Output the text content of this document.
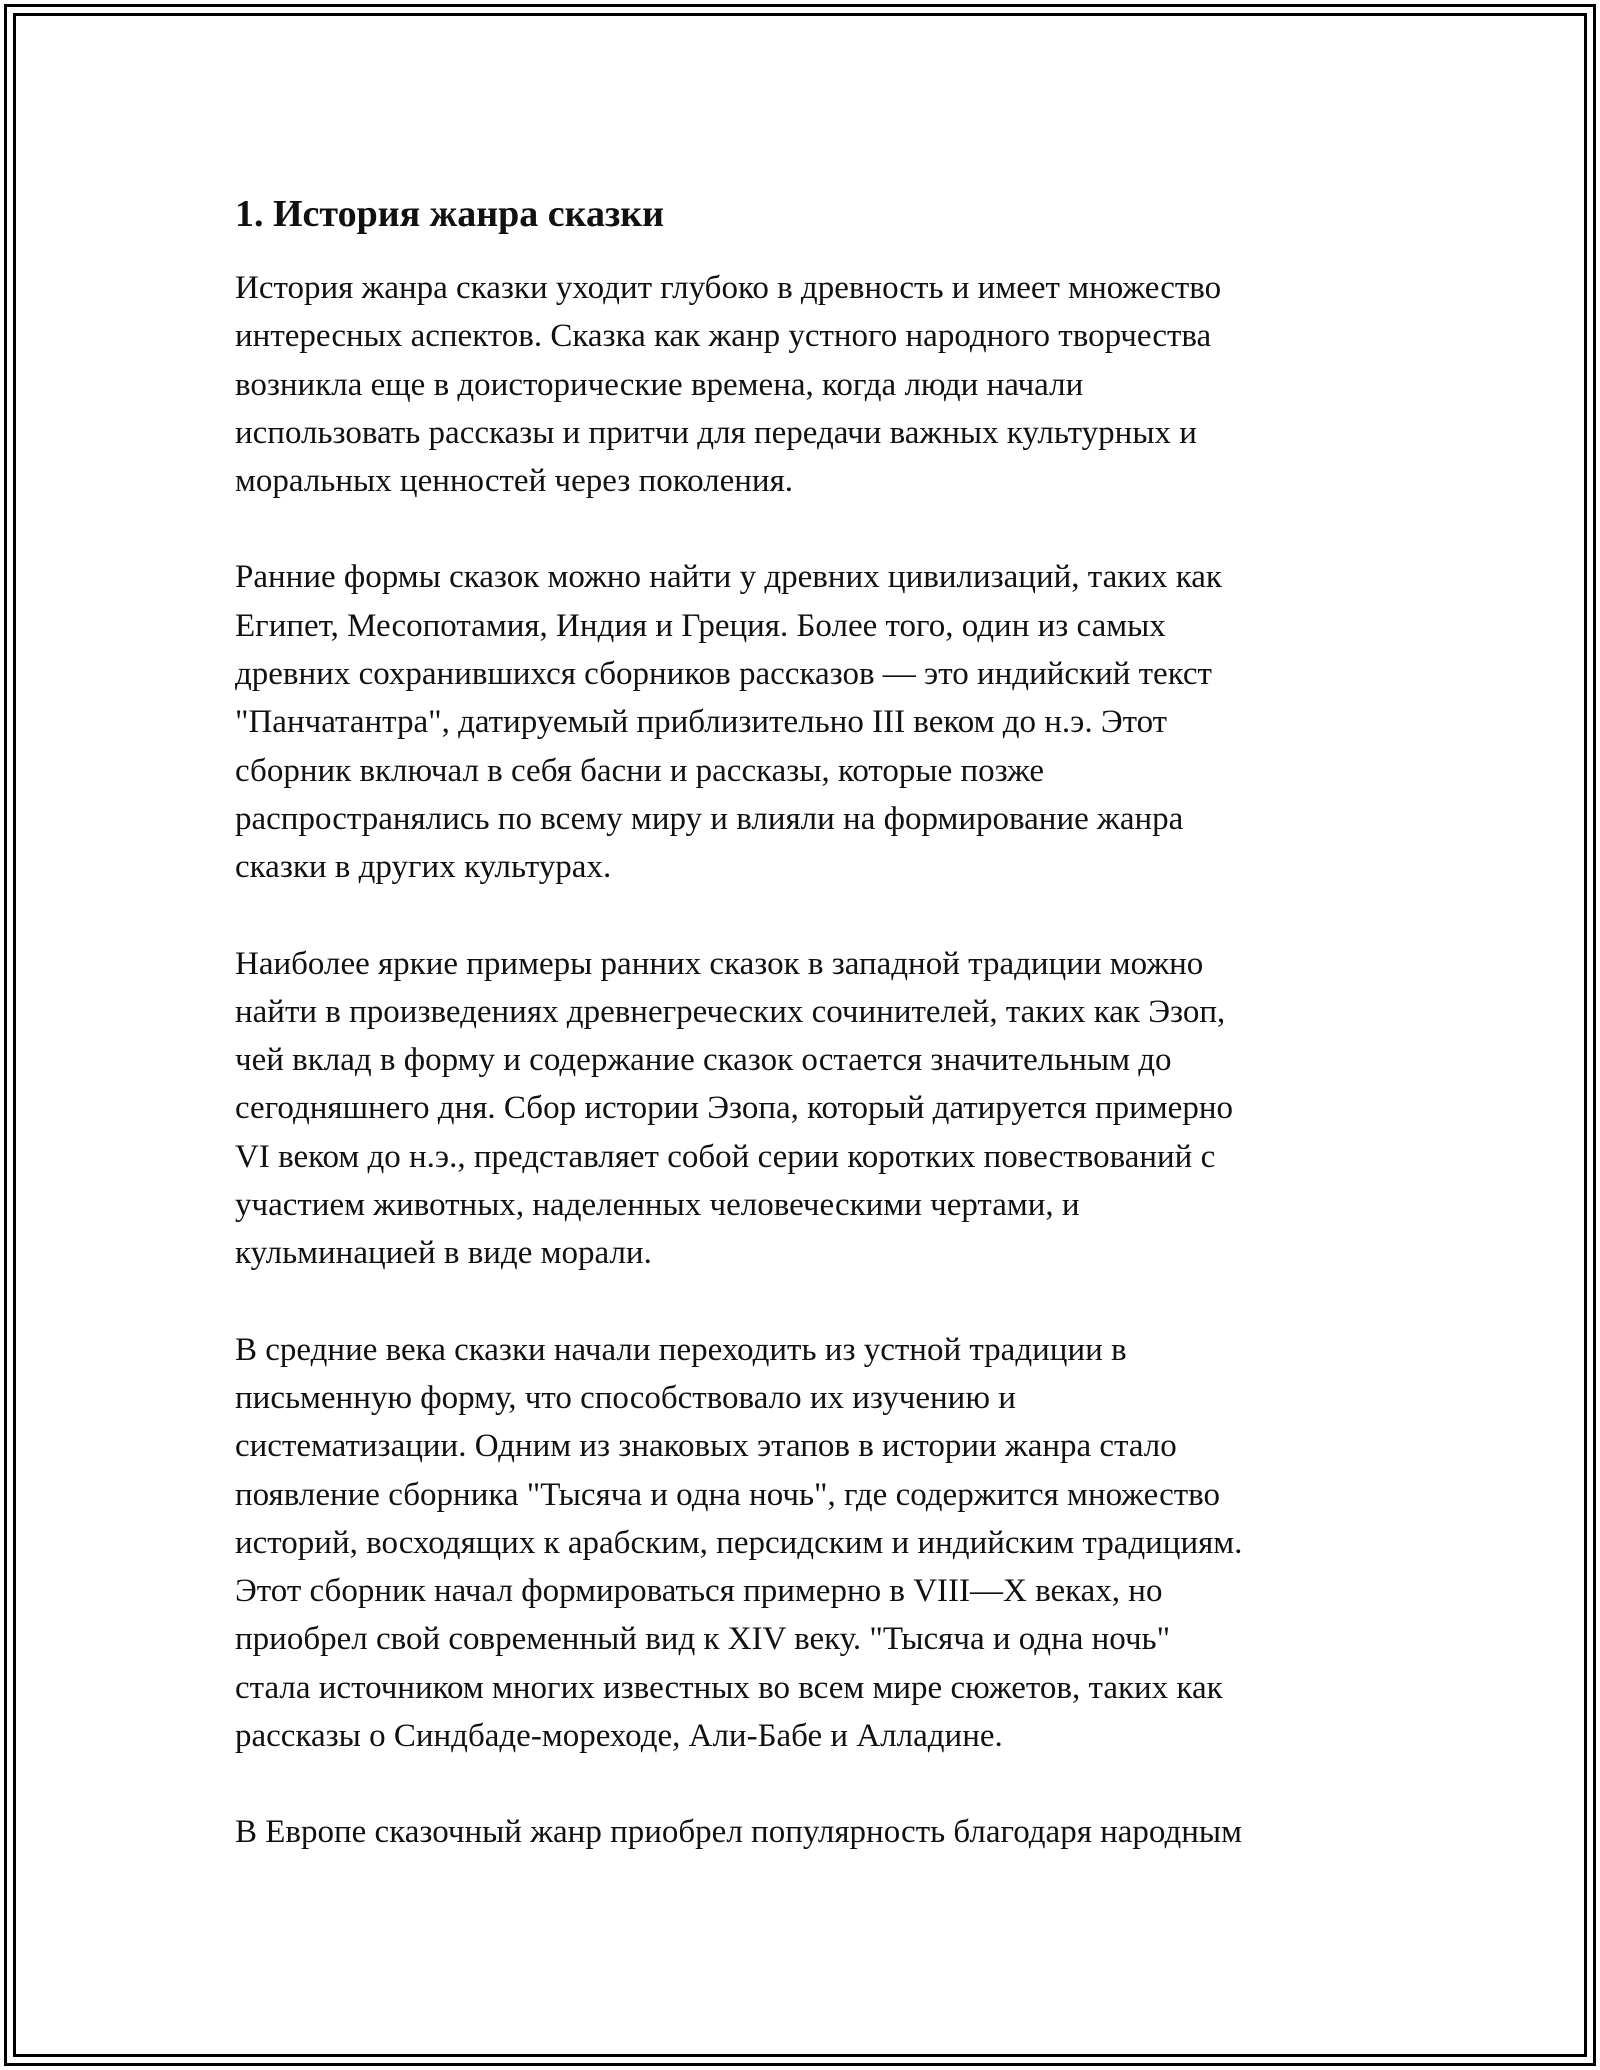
1. История жанра сказки

История жанра сказки уходит глубоко в древность и имеет множество
интересных аспектов. Сказка как жанр устного народного творчества
возникла еще в доисторические времена, когда люди начали
использовать рассказы и притчи для передачи важных культурных и
моральных ценностей через поколения.

Ранние формы сказок можно найти у древних цивилизаций, таких как
Египет, Месопотамия, Индия и Греция. Более того, один из самых
древних сохранившихся сборников рассказов — это индийский текст
"Панчатантра", датируемый приблизительно III веком до н.э. Этот
сборник включал в себя басни и рассказы, которые позже
распространялись по всему миру и влияли на формирование жанра
сказки в других культурах.

Наиболее яркие примеры ранних сказок в западной традиции можно
найти в произведениях древнегреческих сочинителей, таких как Эзоп,
чей вклад в форму и содержание сказок остается значительным до
сегодняшнего дня. Сбор истории Эзопа, который датируется примерно
VI веком до н.э., представляет собой серии коротких повествований с
участием животных, наделенных человеческими чертами, и
кульминацией в виде морали.

В средние века сказки начали переходить из устной традиции в
письменную форму, что способствовало их изучению и
систематизации. Одним из знаковых этапов в истории жанра стало
появление сборника "Тысяча и одна ночь", где содержится множество
историй, восходящих к арабским, персидским и индийским традициям.
Этот сборник начал формироваться примерно в VIII—X веках, но
приобрел свой современный вид к XIV веку. "Тысяча и одна ночь"
стала источником многих известных во всем мире сюжетов, таких как
рассказы о Синдбаде-мореходе, Али-Бабе и Алладине.

В Европе сказочный жанр приобрел популярность благодаря народным
